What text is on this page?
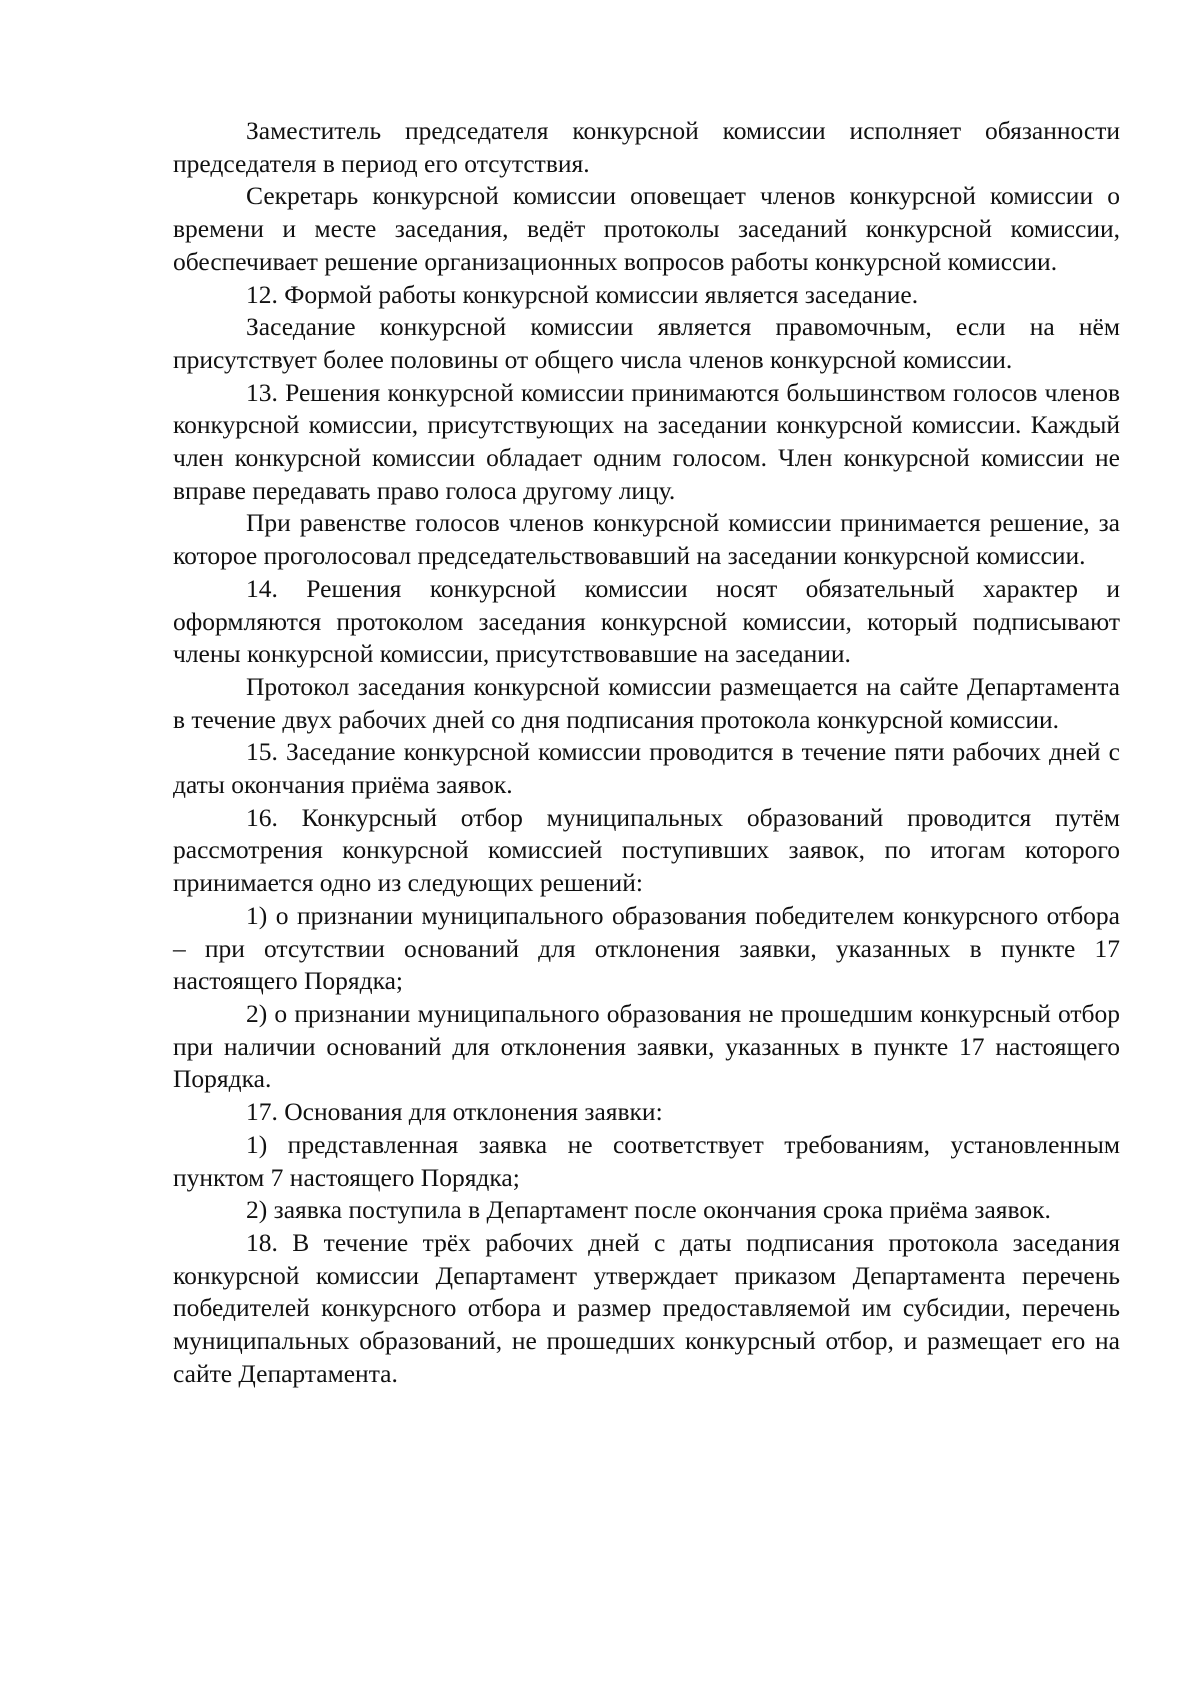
Заместитель председателя конкурсной комиссии исполняет обязанности председателя в период его отсутствия.

Секретарь конкурсной комиссии оповещает членов конкурсной комиссии о времени и месте заседания, ведёт протоколы заседаний конкурсной комиссии, обеспечивает решение организационных вопросов работы конкурсной комиссии.

12. Формой работы конкурсной комиссии является заседание.

Заседание конкурсной комиссии является правомочным, если на нём присутствует более половины от общего числа членов конкурсной комиссии.

13. Решения конкурсной комиссии принимаются большинством голосов членов конкурсной комиссии, присутствующих на заседании конкурсной комиссии. Каждый член конкурсной комиссии обладает одним голосом. Член конкурсной комиссии не вправе передавать право голоса другому лицу.

При равенстве голосов членов конкурсной комиссии принимается решение, за которое проголосовал председательствовавший на заседании конкурсной комиссии.

14. Решения конкурсной комиссии носят обязательный характер и оформляются протоколом заседания конкурсной комиссии, который подписывают члены конкурсной комиссии, присутствовавшие на заседании.

Протокол заседания конкурсной комиссии размещается на сайте Департамента в течение двух рабочих дней со дня подписания протокола конкурсной комиссии.

15. Заседание конкурсной комиссии проводится в течение пяти рабочих дней с даты окончания приёма заявок.

16. Конкурсный отбор муниципальных образований проводится путём рассмотрения конкурсной комиссией поступивших заявок, по итогам которого принимается одно из следующих решений:

1) о признании муниципального образования победителем конкурсного отбора – при отсутствии оснований для отклонения заявки, указанных в пункте 17 настоящего Порядка;

2) о признании муниципального образования не прошедшим конкурсный отбор при наличии оснований для отклонения заявки, указанных в пункте 17 настоящего Порядка.

17. Основания для отклонения заявки:

1) представленная заявка не соответствует требованиям, установленным пунктом 7 настоящего Порядка;

2) заявка поступила в Департамент после окончания срока приёма заявок.

18. В течение трёх рабочих дней с даты подписания протокола заседания конкурсной комиссии Департамент утверждает приказом Департамента перечень победителей конкурсного отбора и размер предоставляемой им субсидии, перечень муниципальных образований, не прошедших конкурсный отбор, и размещает его на сайте Департамента.
